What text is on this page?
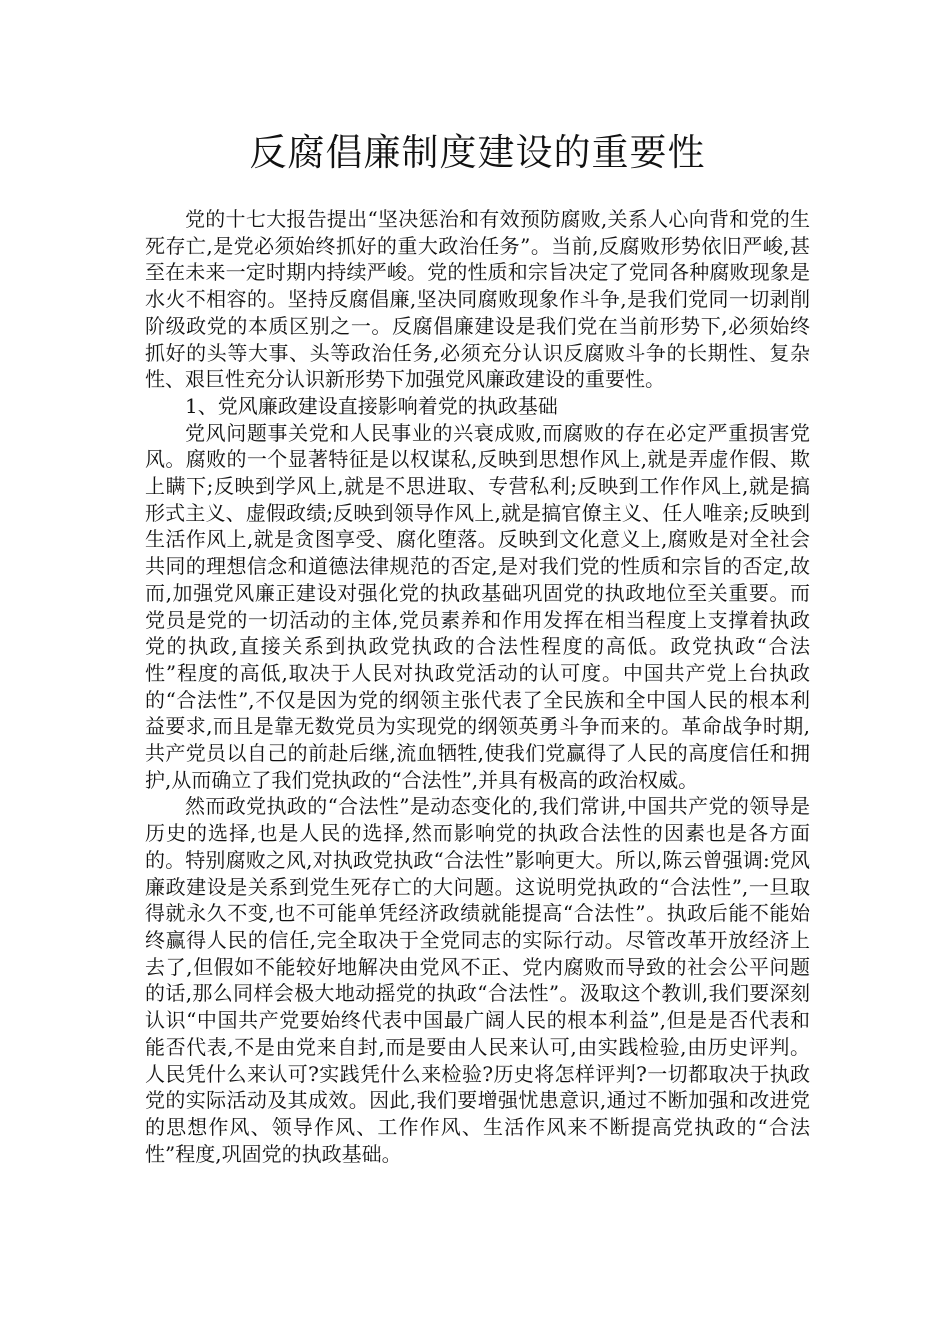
反腐倡廉制度建设的重要性

党的十七大报告提出“坚决惩治和有效预防腐败,关系人心向背和党的生死存亡,是党必须始终抓好的重大政治任务”。当前,反腐败形势依旧严峻,甚至在未来一定时期内持续严峻。党的性质和宗旨决定了党同各种腐败现象是水火不相容的。坚持反腐倡廉,坚决同腐败现象作斗争,是我们党同一切剥削阶级政党的本质区别之一。反腐倡廉建设是我们党在当前形势下,必须始终抓好的头等大事、头等政治任务,必须充分认识反腐败斗争的长期性、复杂性、艰巨性充分认识新形势下加强党风廉政建设的重要性。

1、党风廉政建设直接影响着党的执政基础

党风问题事关党和人民事业的兴衰成败,而腐败的存在必定严重损害党风。腐败的一个显著特征是以权谋私,反映到思想作风上,就是弄虚作假、欺上瞒下;反映到学风上,就是不思进取、专营私利;反映到工作作风上,就是搞形式主义、虚假政绩;反映到领导作风上,就是搞官僚主义、任人唯亲;反映到生活作风上,就是贪图享受、腐化堕落。反映到文化意义上,腐败是对全社会共同的理想信念和道德法律规范的否定,是对我们党的性质和宗旨的否定,故而,加强党风廉正建设对强化党的执政基础巩固党的执政地位至关重要。而党员是党的一切活动的主体,党员素养和作用发挥在相当程度上支撑着执政党的执政,直接关系到执政党执政的合法性程度的高低。政党执政“合法性”程度的高低,取决于人民对执政党活动的认可度。中国共产党上台执政的“合法性”,不仅是因为党的纲领主张代表了全民族和全中国人民的根本利益要求,而且是靠无数党员为实现党的纲领英勇斗争而来的。革命战争时期,共产党员以自己的前赴后继,流血牺牲,使我们党赢得了人民的高度信任和拥护,从而确立了我们党执政的“合法性”,并具有极高的政治权威。

然而政党执政的“合法性”是动态变化的,我们常讲,中国共产党的领导是历史的选择,也是人民的选择,然而影响党的执政合法性的因素也是各方面的。特别腐败之风,对执政党执政“合法性”影响更大。所以,陈云曾强调:党风廉政建设是关系到党生死存亡的大问题。这说明党执政的“合法性”,一旦取得就永久不变,也不可能单凭经济政绩就能提高“合法性”。执政后能不能始终赢得人民的信任,完全取决于全党同志的实际行动。尽管改革开放经济上去了,但假如不能较好地解决由党风不正、党内腐败而导致的社会公平问题的话,那么同样会极大地动摇党的执政“合法性”。汲取这个教训,我们要深刻认识“中国共产党要始终代表中国最广阔人民的根本利益”,但是是否代表和能否代表,不是由党来自封,而是要由人民来认可,由实践检验,由历史评判。人民凭什么来认可?实践凭什么来检验?历史将怎样评判?一切都取决于执政党的实际活动及其成效。因此,我们要增强忧患意识,通过不断加强和改进党的思想作风、领导作风、工作作风、生活作风来不断提高党执政的“合法性”程度,巩固党的执政基础。
